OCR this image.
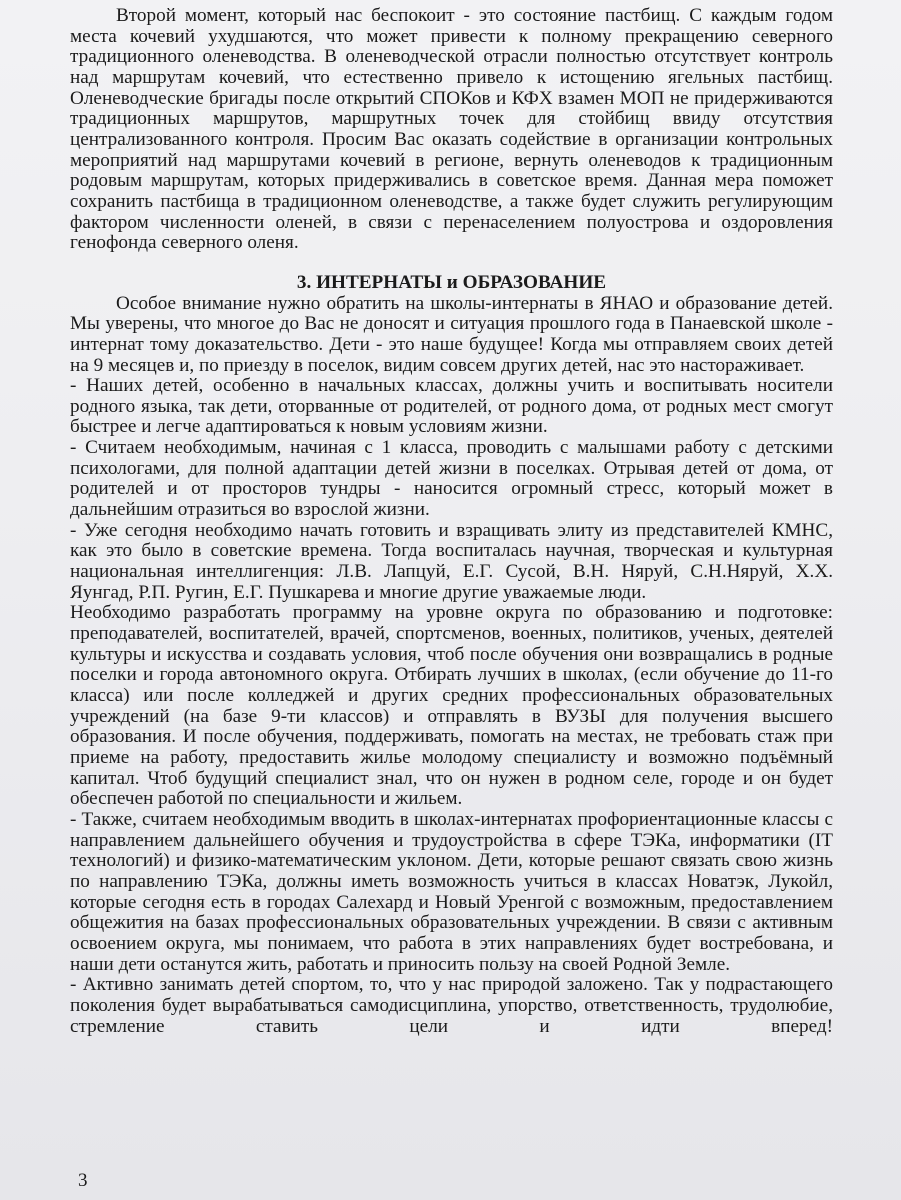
Второй момент, который нас беспокоит - это состояние пастбищ. С каждым годом места кочевий ухудшаются, что может привести к полному прекращению северного традиционного оленеводства. В оленеводческой отрасли полностью отсутствует контроль над маршрутам кочевий, что естественно привело к истощению ягельных пастбищ. Оленеводческие бригады после открытий СПОКов и КФХ взамен МОП не придерживаются традиционных маршрутов, маршрутных точек для стойбищ ввиду отсутствия централизованного контроля. Просим Вас оказать содействие в организации контрольных мероприятий над маршрутами кочевий в регионе, вернуть оленеводов к традиционным родовым маршрутам, которых придерживались в советское время. Данная мера поможет сохранить пастбища в традиционном оленеводстве, а также будет служить регулирующим фактором численности оленей, в связи с перенаселением полуострова и оздоровления генофонда северного оленя.

3. ИНТЕРНАТЫ и ОБРАЗОВАНИЕ

Особое внимание нужно обратить на школы-интернаты в ЯНАО и образование детей. Мы уверены, что многое до Вас не доносят и ситуация прошлого года в Панаевской школе - интернат тому доказательство. Дети - это наше будущее! Когда мы отправляем своих детей на 9 месяцев и, по приезду в поселок, видим совсем других детей, нас это настораживает.

- Наших детей, особенно в начальных классах, должны учить и воспитывать носители родного языка, так дети, оторванные от родителей, от родного дома, от родных мест смогут быстрее и легче адаптироваться к новым условиям жизни.

- Считаем необходимым, начиная с 1 класса, проводить с малышами работу с детскими психологами, для полной адаптации детей жизни в поселках. Отрывая детей от дома, от родителей и от просторов тундры - наносится огромный стресс, который может в дальнейшим отразиться во взрослой жизни.

- Уже сегодня необходимо начать готовить и взращивать элиту из представителей КМНС, как это было в советские времена. Тогда воспиталась научная, творческая и культурная национальная интеллигенция: Л.В. Лапцуй, Е.Г. Сусой, В.Н. Няруй, С.Н.Няруй, Х.Х. Яунгад, Р.П. Ругин, Е.Г. Пушкарева и многие другие уважаемые люди.

Необходимо разработать программу на уровне округа по образованию и подготовке: преподавателей, воспитателей, врачей, спортсменов, военных, политиков, ученых, деятелей культуры и искусства и создавать условия, чтоб после обучения они возвращались в родные поселки и города автономного округа. Отбирать лучших в школах, (если обучение до 11-го класса) или после колледжей и других средних профессиональных образовательных учреждений (на базе 9-ти классов) и отправлять в ВУЗЫ для получения высшего образования. И после обучения, поддерживать, помогать на местах, не требовать стаж при приеме на работу, предоставить жилье молодому специалисту и возможно подъёмный капитал. Чтоб будущий специалист знал, что он нужен в родном селе, городе и он будет обеспечен работой по специальности и жильем.

- Также, считаем необходимым вводить в школах-интернатах профориентационные классы с направлением дальнейшего обучения и трудоустройства в сфере ТЭКа, информатики (IT технологий) и физико-математическим уклоном. Дети, которые решают связать свою жизнь по направлению ТЭКа, должны иметь возможность учиться в классах Новатэк, Лукойл, которые сегодня есть в городах Салехард и Новый Уренгой с возможным, предоставлением общежития на базах профессиональных образовательных учреждении. В связи с активным освоением округа, мы понимаем, что работа в этих направлениях будет востребована, и наши дети останутся жить, работать и приносить пользу на своей Родной Земле.

- Активно занимать детей спортом, то, что у нас природой заложено. Так у подрастающего поколения будет вырабатываться самодисциплина, упорство, ответственность, трудолюбие, стремление ставить цели и идти вперед!

3
